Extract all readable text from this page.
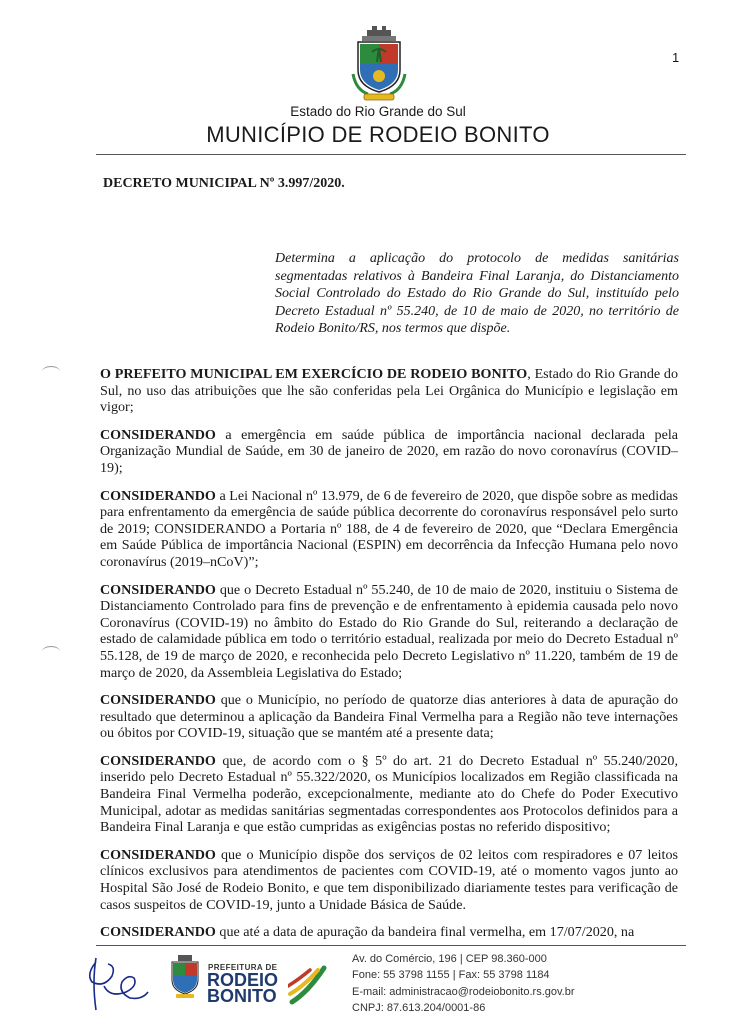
1
Estado do Rio Grande do Sul
MUNICÍPIO DE RODEIO BONITO
DECRETO MUNICIPAL Nº 3.997/2020.
Determina a aplicação do protocolo de medidas sanitárias segmentadas relativos à Bandeira Final Laranja, do Distanciamento Social Controlado do Estado do Rio Grande do Sul, instituído pelo Decreto Estadual nº 55.240, de 10 de maio de 2020, no território de Rodeio Bonito/RS, nos termos que dispõe.

O PREFEITO MUNICIPAL EM EXERCÍCIO DE RODEIO BONITO, Estado do Rio Grande do Sul, no uso das atribuições que lhe são conferidas pela Lei Orgânica do Município e legislação em vigor;

CONSIDERANDO a emergência em saúde pública de importância nacional declarada pela Organização Mundial de Saúde, em 30 de janeiro de 2020, em razão do novo coronavírus (COVID–19);

CONSIDERANDO a Lei Nacional nº 13.979, de 6 de fevereiro de 2020, que dispõe sobre as medidas para enfrentamento da emergência de saúde pública decorrente do coronavírus responsável pelo surto de 2019; CONSIDERANDO a Portaria nº 188, de 4 de fevereiro de 2020, que “Declara Emergência em Saúde Pública de importância Nacional (ESPIN) em decorrência da Infecção Humana pelo novo coronavírus (2019–nCoV)”;

CONSIDERANDO que o Decreto Estadual nº 55.240, de 10 de maio de 2020, instituiu o Sistema de Distanciamento Controlado para fins de prevenção e de enfrentamento à epidemia causada pelo novo Coronavírus (COVID-19) no âmbito do Estado do Rio Grande do Sul, reiterando a declaração de estado de calamidade pública em todo o território estadual, realizada por meio do Decreto Estadual nº 55.128, de 19 de março de 2020, e reconhecida pelo Decreto Legislativo nº 11.220, também de 19 de março de 2020, da Assembleia Legislativa do Estado;

CONSIDERANDO que o Município, no período de quatorze dias anteriores à data de apuração do resultado que determinou a aplicação da Bandeira Final Vermelha para a Região não teve internações ou óbitos por COVID-19, situação que se mantém até a presente data;

CONSIDERANDO que, de acordo com o § 5º do art. 21 do Decreto Estadual nº 55.240/2020, inserido pelo Decreto Estadual nº 55.322/2020, os Municípios localizados em Região classificada na Bandeira Final Vermelha poderão, excepcionalmente, mediante ato do Chefe do Poder Executivo Municipal, adotar as medidas sanitárias segmentadas correspondentes aos Protocolos definidos para a Bandeira Final Laranja e que estão cumpridas as exigências postas no referido dispositivo;

CONSIDERANDO que o Município dispõe dos serviços de 02 leitos com respiradores e 07 leitos clínicos exclusivos para atendimentos de pacientes com COVID-19, até o momento vagos junto ao Hospital São José de Rodeio Bonito, e que tem disponibilizado diariamente testes para verificação de casos suspeitos de COVID-19, junto a Unidade Básica de Saúde.

CONSIDERANDO que até a data de apuração da bandeira final vermelha, em 17/07/2020, na

PREFEITURA DE
RODEIO
BONITO
Av. do Comércio, 196 | CEP 98.360-000
Fone: 55 3798 1155 | Fax: 55 3798 1184
E-mail: administracao@rodeiobonito.rs.gov.br
CNPJ: 87.613.204/0001-86
